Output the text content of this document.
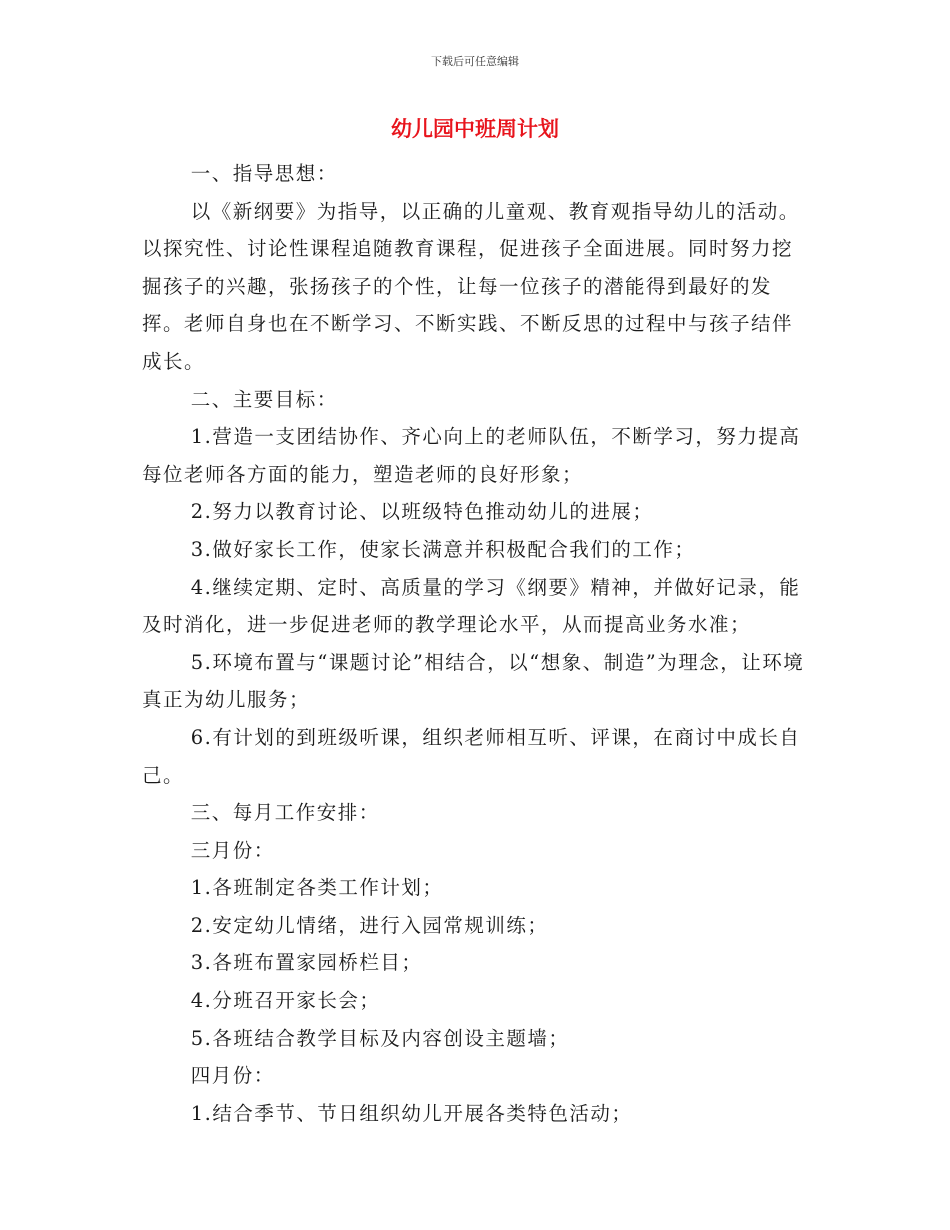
下载后可任意编辑
幼儿园中班周计划

一、指导思想：

以《新纲要》为指导，以正确的儿童观、教育观指导幼儿的活动。以探究性、讨论性课程追随教育课程，促进孩子全面进展。同时努力挖掘孩子的兴趣，张扬孩子的个性，让每一位孩子的潜能得到最好的发挥。老师自身也在不断学习、不断实践、不断反思的过程中与孩子结伴成长。

二、主要目标：

1.营造一支团结协作、齐心向上的老师队伍，不断学习，努力提高每位老师各方面的能力，塑造老师的良好形象；

2.努力以教育讨论、以班级特色推动幼儿的进展；

3.做好家长工作，使家长满意并积极配合我们的工作；

4.继续定期、定时、高质量的学习《纲要》精神，并做好记录，能及时消化，进一步促进老师的教学理论水平，从而提高业务水准；

5.环境布置与“课题讨论”相结合，以“想象、制造”为理念，让环境真正为幼儿服务；

6.有计划的到班级听课，组织老师相互听、评课，在商讨中成长自己。

三、每月工作安排：

三月份：

1.各班制定各类工作计划；

2.安定幼儿情绪，进行入园常规训练；

3.各班布置家园桥栏目；

4.分班召开家长会；

5.各班结合教学目标及内容创设主题墙；

四月份：

1.结合季节、节日组织幼儿开展各类特色活动；
